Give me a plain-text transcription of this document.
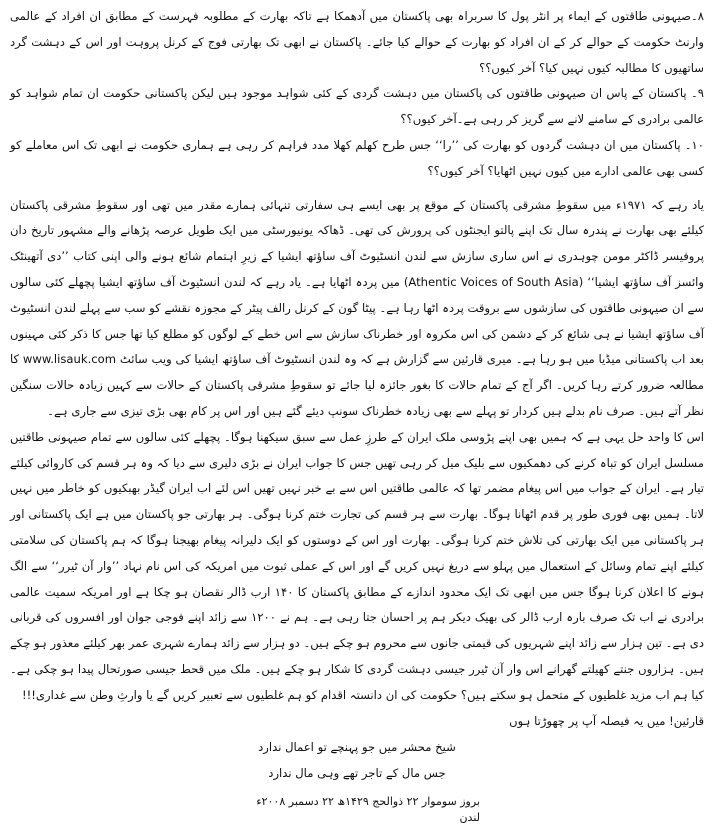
۸۔صیہونی طاقتوں کے ایماء پر انٹر پول کا سربراہ بھی پاکستان میں آدھمکا ہے تاکہ بھارت کے مطلوبہ فہرست کے مطابق ان افراد کے عالمی وارنٹ حکومت کے حوالے کر کے ان افراد کو بھارت کے حوالے کیا جائے۔ پاکستان نے ابھی تک بھارتی فوج کے کرنل پروہت اور اس کے دہشت گرد ساتھیوں کا مطالبہ کیوں نہیں کیا؟ آخر کیوں؟؟

۹۔ پاکستان کے پاس ان صیہونی طاقتوں کی پاکستان میں دہشت گردی کے کئی شواہد موجود ہیں لیکن پاکستانی حکومت ان تمام شواہد کو عالمی برادری کے سامنے لانے سے گریز کر رہی ہے۔آخر کیوں؟؟

۱۰۔ پاکستان میں ان دہشت گردوں کو بھارت کی ’’را‘‘ جس طرح کھلم کھلا مدد فراہم کر رہی ہے ہماری حکومت نے ابھی تک اس معاملے کو کسی بھی عالمی ادارے میں کیوں نہیں اٹھایا؟ آخر کیوں؟؟

یاد رہے کہ ۱۹۷۱ء میں سقوطِ مشرقی پاکستان کے موقع پر بھی ایسے ہی سفارتی تنہائی ہمارے مقدر میں تھی اور سقوطِ مشرقی پاکستان کیلئے بھی بھارت نے پندرہ سال تک اپنے پالتو ایجنٹوں کی پرورش کی تھی۔ ڈھاکہ یونیورسٹی میں ایک طویل عرصہ پڑھانے والے مشہور تاریخ دان پروفیسر ڈاکٹر مومن چوہدری نے اس ساری سازش سے لندن انسٹیوٹ آف ساؤتھ ایشیا کے زیرِ اہتمام شائع ہونے والی اپنی کتاب ’’دی آتھینٹک وائسز آف ساؤتھ ایشیا‘‘ (Athentic Voices of South Asia) میں پردہ اٹھایا ہے۔ یاد رہے کہ لندن انسٹیوٹ آف ساؤتھ ایشیا پچھلے کئی سالوں سے ان صیہونی طاقتوں کی سازشوں سے بروقت پردہ اٹھا رہا ہے۔ پیٹا گون کے کرنل رالف پیٹر کے مجوزہ نقشے کو سب سے پہلے لندن انسٹیوٹ آف ساؤتھ ایشیا نے ہی شائع کر کے دشمن کی اس مکروہ اور خطرناک سازش سے اس خطے کے لوگوں کو مطلع کیا تھا جس کا ذکر کئی مہینوں بعد اب پاکستانی میڈیا میں ہو رہا ہے۔ میری قارئین سے گزارش ہے کہ وہ لندن انسٹیوٹ آف ساؤتھ ایشیا کی ویب سائٹ www.lisauk.com کا مطالعہ ضرور کرتے رہا کریں۔ اگر آج کے تمام حالات کا بغور جائزہ لیا جائے تو سقوطِ مشرقی پاکستان کے حالات سے کہیں زیادہ حالات سنگین نظر آتے ہیں۔ صرف نام بدلے ہیں کردار تو پہلے سے بھی زیادہ خطرناک سونپ دیئے گئے ہیں اور اس پر کام بھی بڑی تیزی سے جاری ہے۔

اس کا واحد حل یہی ہے کہ ہمیں بھی اپنے پڑوسی ملک ایران کے طرزِ عمل سے سبق سیکھنا ہوگا۔ پچھلے کئی سالوں سے تمام صیہونی طاقتیں مسلسل ایران کو تباہ کرنے کی دھمکیوں سے بلیک میل کر رہی تھیں جس کا جواب ایران نے بڑی دلیری سے دیا کہ وہ ہر قسم کی کاروائی کیلئے تیار ہے۔ ایران کے جواب میں اس پیغام مضمر تھا کہ عالمی طاقتیں اس سے بے خبر نہیں تھیں اس لئے اب ایران گیڈر بھبکیوں کو خاطر میں نہیں لاتا۔ ہمیں بھی فوری طور پر قدم اٹھانا ہوگا۔ بھارت سے ہر قسم کی تجارت ختم کرنا ہوگی۔ ہر بھارتی جو پاکستان میں ہے ایک پاکستانی اور ہر پاکستانی میں ایک بھارتی کی تلاش ختم کرنا ہوگی۔ بھارت اور اس کے دوستوں کو ایک دلیرانہ پیغام بھیجنا ہوگا کہ ہم پاکستان کی سلامتی کیلئے اپنے تمام وسائل کے استعمال میں پہلو سے دریغ نہیں کریں گے اور اس کے عملی ثبوت میں امریکہ کی اس نام نہاد ’’وار آن ٹیرر‘‘ سے الگ ہونے کا اعلان کرنا ہوگا جس میں ابھی تک ایک محدود اندازے کے مطابق پاکستان کا ۱۴۰ ارب ڈالر نقصان ہو چکا ہے اور امریکہ سمیت عالمی برادری نے اب تک صرف بارہ ارب ڈالر کی بھیک دیکر ہم پر احسان جتا رہی ہے۔ ہم نے ۱۲۰۰ سے زائد اپنے فوجی جوان اور افسروں کی قربانی دی ہے۔ تین ہزار سے زائد اپنے شہریوں کی قیمتی جانوں سے محروم ہو چکے ہیں۔ دو ہزار سے زائد ہمارے شہری عمر بھر کیلئے معذور ہو چکے ہیں۔ ہزاروں جنتے کھیلتے گھرانے اس وار آن ٹیرر جیسی دہشت گردی کا شکار ہو چکے ہیں۔ ملک میں قحط جیسی صورتحال پیدا ہو چکی ہے۔ کیا ہم اب مزید غلطیوں کے متحمل ہو سکتے ہیں؟ حکومت کی ان دانستہ اقدام کو ہم غلطیوں سے تعبیر کریں گے یا وارثِ وطن سے غداری!!!

قارئین! میں یہ فیصلہ آپ پر چھوڑتا ہوں

شیخ محشر میں جو پہنچے تو اعمال ندارد

جس مال کے تاجر تھے وہی مال ندارد

بروز سوموار ۲۲ ذوالحج ۱۴۲۹ھ ۲۲ دسمبر ۲۰۰۸ء

لندن
